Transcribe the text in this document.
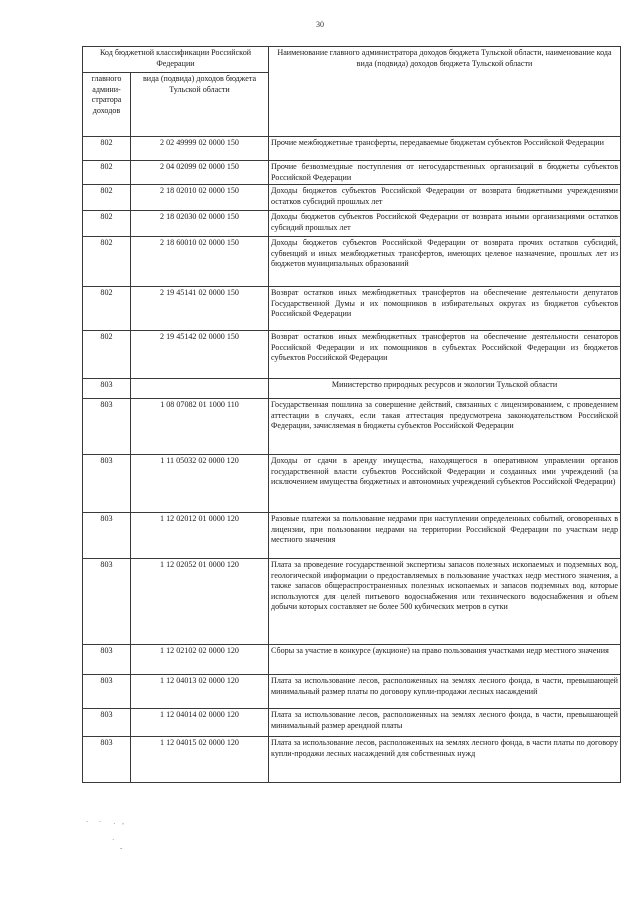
30
Код бюджетной классификации Российской Федерации		Наименование главного администратора доходов бюджета Тульской области, наименование кода вида (подвида) доходов бюджета Тульской области
главного админи-стратора доходов	вида (подвида) доходов бюджета Тульской области	
802	2 02 49999 02 0000 150	Прочие межбюджетные трансферты, передаваемые бюджетам субъектов Российской Федерации
802	2 04 02099 02 0000 150	Прочие безвозмездные поступления от негосударственных организаций в бюджеты субъектов Российской Федерации
802	2 18 02010 02 0000 150	Доходы бюджетов субъектов Российской Федерации от возврата бюджетными учреждениями остатков субсидий прошлых лет
802	2 18 02030 02 0000 150	Доходы бюджетов субъектов Российской Федерации от возврата иными организациями остатков субсидий прошлых лет
802	2 18 60010 02 0000 150	Доходы бюджетов субъектов Российской Федерации от возврата прочих остатков субсидий, субвенций и иных межбюджетных трансфертов, имеющих целевое назначение, прошлых лет из бюджетов муниципальных образований
802	2 19 45141 02 0000 150	Возврат остатков иных межбюджетных трансфертов на обеспечение деятельности депутатов Государственной Думы и их помощников в избирательных округах из бюджетов субъектов Российской Федерации
802	2 19 45142 02 0000 150	Возврат остатков иных межбюджетных трансфертов на обеспечение деятельности сенаторов Российской Федерации и их помощников в субъектах Российской Федерации из бюджетов субъектов Российской Федерации
803		Министерство природных ресурсов и экологии Тульской области
803	1 08 07082 01 1000 110	Государственная пошлина за совершение действий, связанных с лицензированием, с проведением аттестации в случаях, если такая аттестация предусмотрена законодательством Российской Федерации, зачисляемая в бюджеты субъектов Российской Федерации
803	1 11 05032 02 0000 120	Доходы от сдачи в аренду имущества, находящегося в оперативном управлении органов государственной власти субъектов Российской Федерации и созданных ими учреждений (за исключением имущества бюджетных и автономных учреждений субъектов Российской Федерации)
803	1 12 02012 01 0000 120	Разовые платежи за пользование недрами при наступлении определенных событий, оговоренных в лицензии, при пользовании недрами на территории Российской Федерации по участкам недр местного значения
803	1 12 02052 01 0000 120	Плата за проведение государственной экспертизы запасов полезных ископаемых и подземных вод, геологической информации о предоставляемых в пользование участках недр местного значения, а также запасов общераспространенных полезных ископаемых и запасов подземных вод, которые используются для целей питьевого водоснабжения или технического водоснабжения и объем добычи которых составляет не более 500 кубических метров в сутки
803	1 12 02102 02 0000 120	Сборы за участие в конкурсе (аукционе) на право пользования участками недр местного значения
803	1 12 04013 02 0000 120	Плата за использование лесов, расположенных на землях лесного фонда, в части, превышающей минимальный размер платы по договору купли-продажи лесных насаждений
803	1 12 04014 02 0000 120	Плата за использование лесов, расположенных на землях лесного фонда, в части, превышающей минимальный размер арендной платы
803	1 12 04015 02 0000 120	Плата за использование лесов, расположенных на землях лесного фонда, в части платы по договору купли-продажи лесных насаждений для собственных нужд
·      ·       .    ,
·
-
